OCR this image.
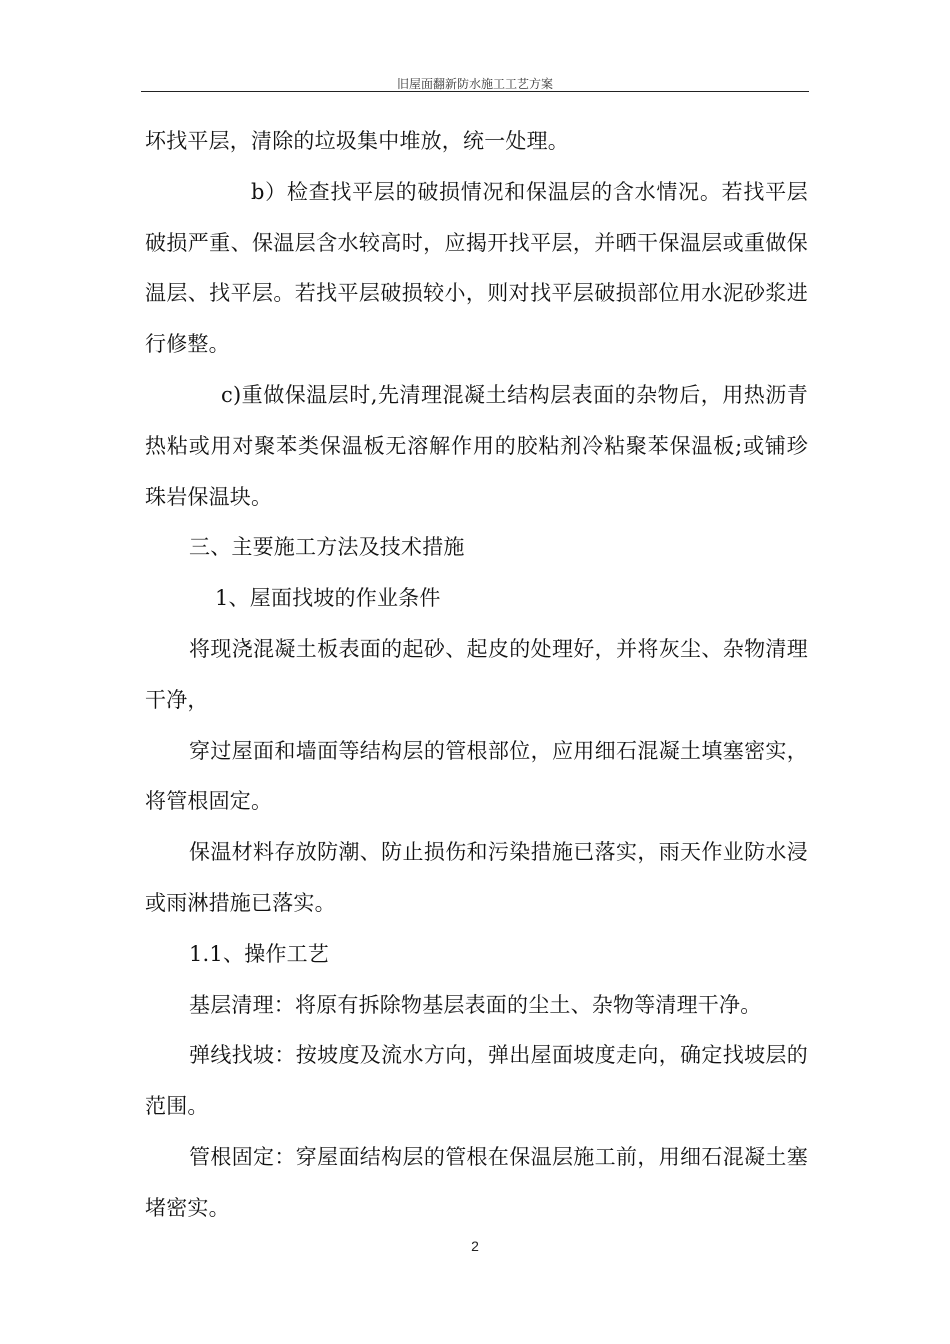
旧屋面翻新防水施工工艺方案

坏找平层，清除的垃圾集中堆放，统一处理。

b）检查找平层的破损情况和保温层的含水情况。若找平层破损严重、保温层含水较高时，应揭开找平层，并晒干保温层或重做保温层、找平层。若找平层破损较小，则对找平层破损部位用水泥砂浆进行修整。

c)重做保温层时,先清理混凝土结构层表面的杂物后，用热沥青热粘或用对聚苯类保温板无溶解作用的胶粘剂冷粘聚苯保温板;或铺珍珠岩保温块。

三、主要施工方法及技术措施

1、屋面找坡的作业条件

将现浇混凝土板表面的起砂、起皮的处理好，并将灰尘、杂物清理干净，

穿过屋面和墙面等结构层的管根部位，应用细石混凝土填塞密实，将管根固定。

保温材料存放防潮、防止损伤和污染措施已落实，雨天作业防水浸或雨淋措施已落实。

1.1、操作工艺

基层清理：将原有拆除物基层表面的尘土、杂物等清理干净。

弹线找坡：按坡度及流水方向，弹出屋面坡度走向，确定找坡层的范围。

管根固定：穿屋面结构层的管根在保温层施工前，用细石混凝土塞堵密实。

2
